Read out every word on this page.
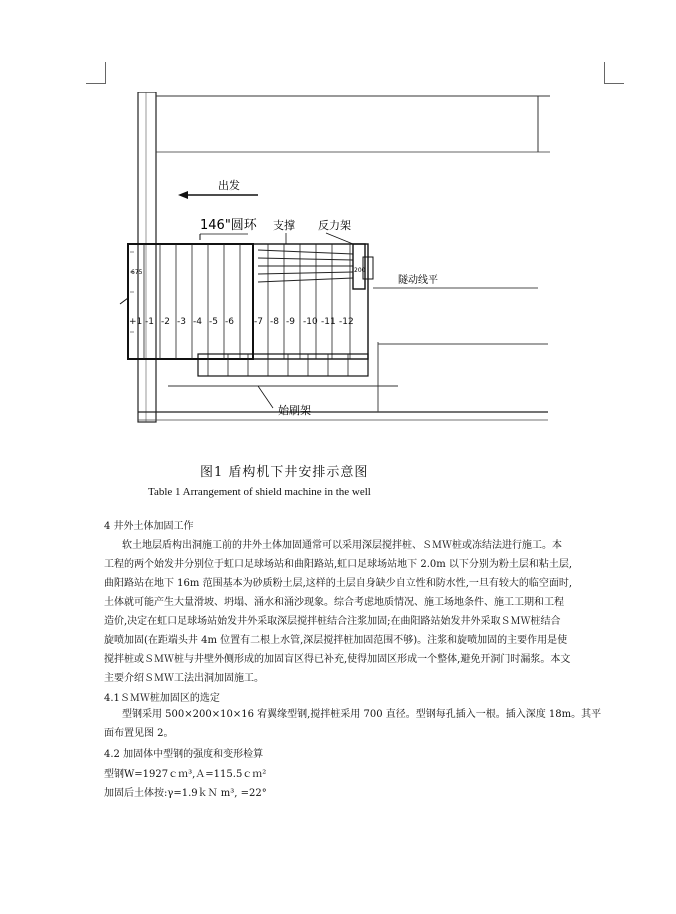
出发
146"圆环 支撑 反力架
200
隧动线平
675
始刷架
+1 -1 -2 -3 -4 -5 -6 -7 -8 -9 -10 -11 -12
图1 盾构机下井安排示意图
Table 1 Arrangement of shield machine in the well
4 井外土体加固工作

软土地层盾构出洞施工前的井外土体加固通常可以采用深层搅拌桩、ＳＭＷ桩或冻结法进行施工。本

工程的两个始发井分别位于虹口足球场站和曲阳路站,虹口足球场站地下 2.0m 以下分别为粉土层和粘土层,

曲阳路站在地下 16m 范围基本为砂质粉土层,这样的土层自身缺少自立性和防水性,一旦有较大的临空面时,

土体就可能产生大量滑坡、坍塌、涌水和涌沙现象。综合考虑地质情况、施工场地条件、施工工期和工程

造价,决定在虹口足球场站始发井外采取深层搅拌桩结合注浆加固;在曲阳路站始发井外采取ＳＭＷ桩结合

旋喷加固(在距端头井 4m 位置有二根上水管,深层搅拌桩加固范围不够)。注浆和旋喷加固的主要作用是使

搅拌桩或ＳＭＷ桩与井壁外侧形成的加固盲区得已补充,使得加固区形成一个整体,避免开洞门时漏浆。本文

主要介绍ＳＭＷ工法出洞加固施工。

4.1ＳＭＷ桩加固区的选定

型钢采用 500×200×10×16 宥翼缘型钢,搅拌桩采用 700 直径。型钢每孔插入一根。插入深度 18m。其平

面布置见图 2。

4.2 加固体中型钢的强度和变形检算
型钢W=1927ｃｍ³,Ａ=115.5ｃｍ²
加固后土体按:γ=1.9ｋＮ m³, =22°
